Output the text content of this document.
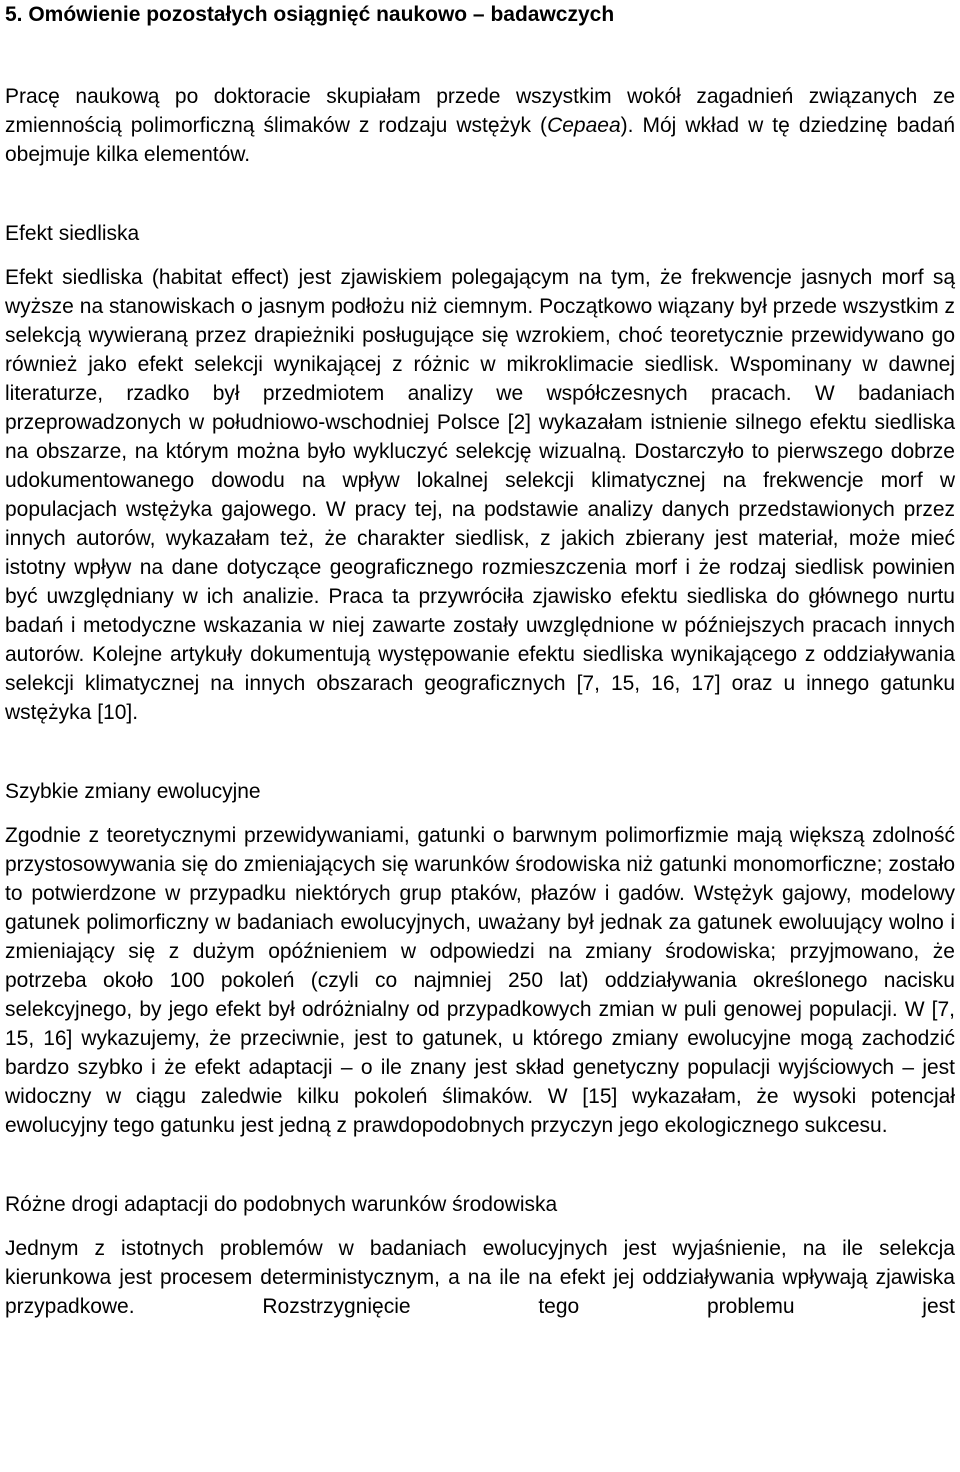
5. Omówienie pozostałych osiągnięć naukowo – badawczych

Pracę naukową po doktoracie skupiałam przede wszystkim wokół zagadnień związanych ze zmiennością polimorficzną ślimaków z rodzaju wstężyk (Cepaea). Mój wkład w tę dziedzinę badań obejmuje kilka elementów.

Efekt siedliska

Efekt siedliska (habitat effect) jest zjawiskiem polegającym na tym, że frekwencje jasnych morf są wyższe na stanowiskach o jasnym podłożu niż ciemnym. Początkowo wiązany był przede wszystkim z selekcją wywieraną przez drapieżniki posługujące się wzrokiem, choć teoretycznie przewidywano go również jako efekt selekcji wynikającej z różnic w mikroklimacie siedlisk. Wspominany w dawnej literaturze, rzadko był przedmiotem analizy we współczesnych pracach. W badaniach przeprowadzonych w południowo-wschodniej Polsce [2] wykazałam istnienie silnego efektu siedliska na obszarze, na którym można było wykluczyć selekcję wizualną. Dostarczyło to pierwszego dobrze udokumentowanego dowodu na wpływ lokalnej selekcji klimatycznej na frekwencje morf w populacjach wstężyka gajowego. W pracy tej, na podstawie analizy danych przedstawionych przez innych autorów, wykazałam też, że charakter siedlisk, z jakich zbierany jest materiał, może mieć istotny wpływ na dane dotyczące geograficznego rozmieszczenia morf i że rodzaj siedlisk powinien być uwzględniany w ich analizie. Praca ta przywróciła zjawisko efektu siedliska do głównego nurtu badań i metodyczne wskazania w niej zawarte zostały uwzględnione w późniejszych pracach innych autorów. Kolejne artykuły dokumentują występowanie efektu siedliska wynikającego z oddziaływania selekcji klimatycznej na innych obszarach geograficznych [7, 15, 16, 17] oraz u innego gatunku wstężyka [10].

Szybkie zmiany ewolucyjne

Zgodnie z teoretycznymi przewidywaniami, gatunki o barwnym polimorfizmie mają większą zdolność przystosowywania się do zmieniających się warunków środowiska niż gatunki monomorficzne; zostało to potwierdzone w przypadku niektórych grup ptaków, płazów i gadów. Wstężyk gajowy, modelowy gatunek polimorficzny w badaniach ewolucyjnych, uważany był jednak za gatunek ewoluujący wolno i zmieniający się z dużym opóźnieniem w odpowiedzi na zmiany środowiska; przyjmowano, że potrzeba około 100 pokoleń (czyli co najmniej 250 lat) oddziaływania określonego nacisku selekcyjnego, by jego efekt był odróżnialny od przypadkowych zmian w puli genowej populacji. W [7, 15, 16] wykazujemy, że przeciwnie, jest to gatunek, u którego zmiany ewolucyjne mogą zachodzić bardzo szybko i że efekt adaptacji – o ile znany jest skład genetyczny populacji wyjściowych – jest widoczny w ciągu zaledwie kilku pokoleń ślimaków. W [15] wykazałam, że wysoki potencjał ewolucyjny tego gatunku jest jedną z prawdopodobnych przyczyn jego ekologicznego sukcesu.

Różne drogi adaptacji do podobnych warunków środowiska

Jednym z istotnych problemów w badaniach ewolucyjnych jest wyjaśnienie, na ile selekcja kierunkowa jest procesem deterministycznym, a na ile na efekt jej oddziaływania wpływają zjawiska przypadkowe. Rozstrzygnięcie tego problemu jest
